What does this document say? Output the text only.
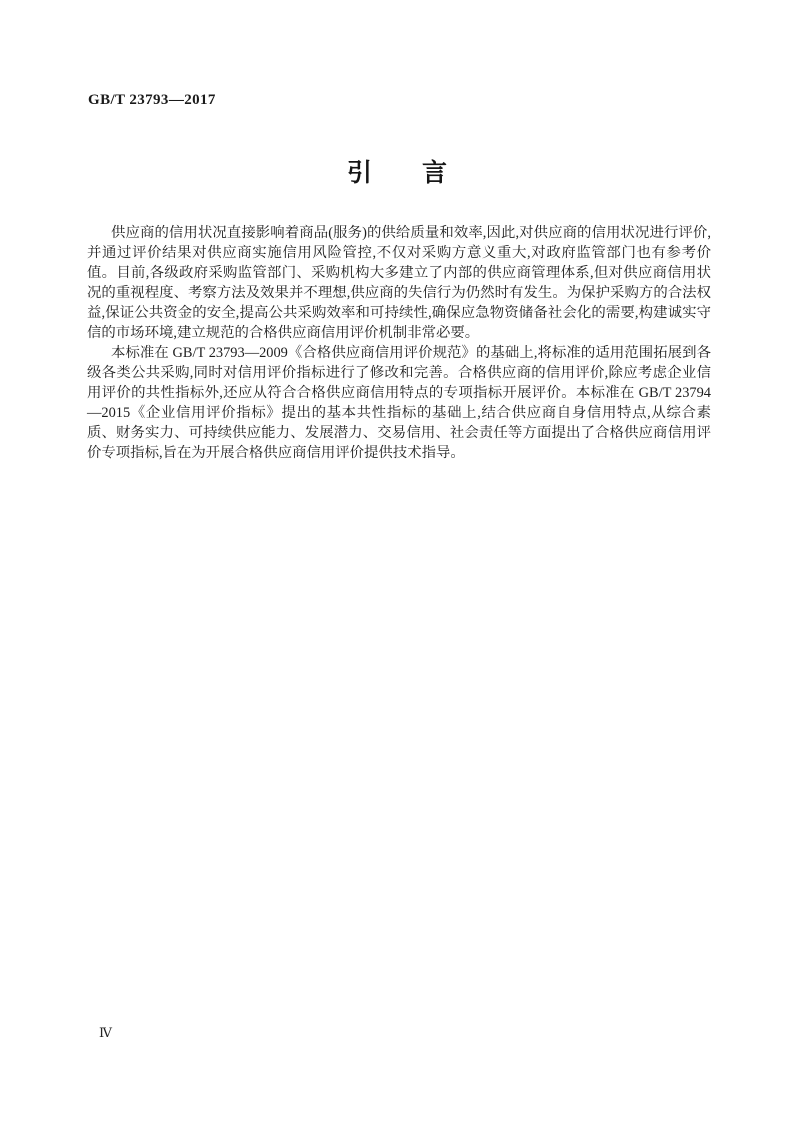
GB/T 23793—2017
引　　言

供应商的信用状况直接影响着商品(服务)的供给质量和效率,因此,对供应商的信用状况进行评价,并通过评价结果对供应商实施信用风险管控,不仅对采购方意义重大,对政府监管部门也有参考价值。目前,各级政府采购监管部门、采购机构大多建立了内部的供应商管理体系,但对供应商信用状况的重视程度、考察方法及效果并不理想,供应商的失信行为仍然时有发生。为保护采购方的合法权益,保证公共资金的安全,提高公共采购效率和可持续性,确保应急物资储备社会化的需要,构建诚实守信的市场环境,建立规范的合格供应商信用评价机制非常必要。

本标准在 GB/T 23793—2009《合格供应商信用评价规范》的基础上,将标准的适用范围拓展到各级各类公共采购,同时对信用评价指标进行了修改和完善。合格供应商的信用评价,除应考虑企业信用评价的共性指标外,还应从符合合格供应商信用特点的专项指标开展评价。本标准在 GB/T 23794—2015《企业信用评价指标》提出的基本共性指标的基础上,结合供应商自身信用特点,从综合素质、财务实力、可持续供应能力、发展潜力、交易信用、社会责任等方面提出了合格供应商信用评价专项指标,旨在为开展合格供应商信用评价提供技术指导。

Ⅳ
